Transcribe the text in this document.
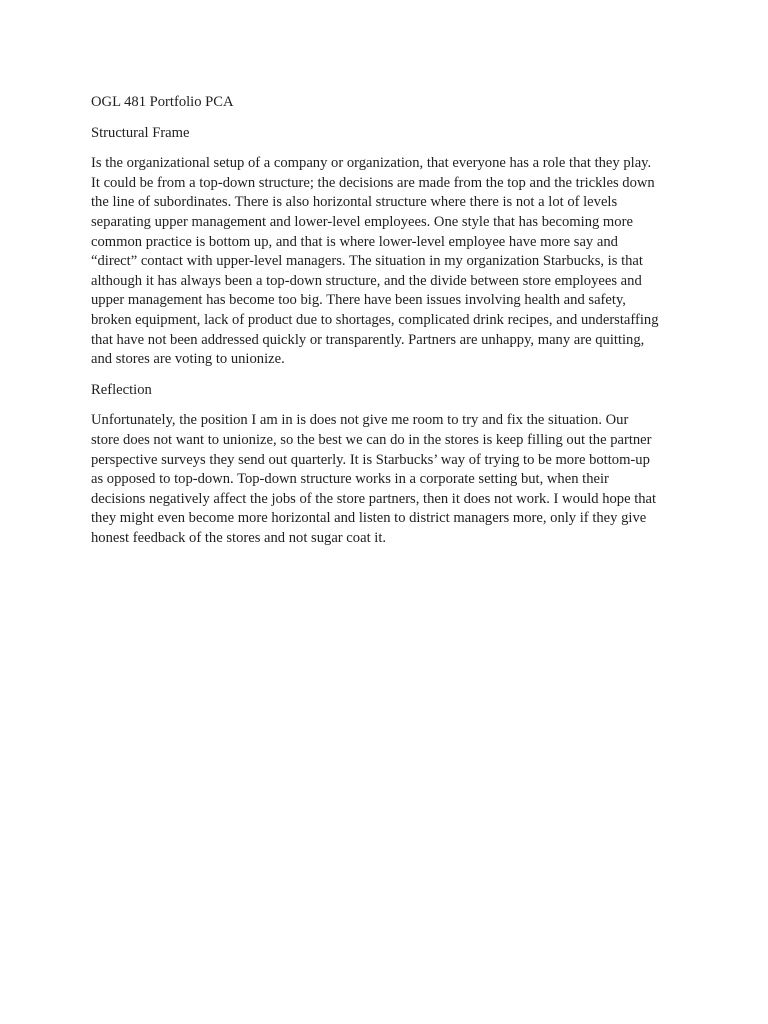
OGL 481 Portfolio PCA

Structural Frame

Is the organizational setup of a company or organization, that everyone has a role that they play.
It could be from a top-down structure; the decisions are made from the top and the trickles down
the line of subordinates. There is also horizontal structure where there is not a lot of levels
separating upper management and lower-level employees. One style that has becoming more
common practice is bottom up, and that is where lower-level employee have more say and
“direct” contact with upper-level managers. The situation in my organization Starbucks, is that
although it has always been a top-down structure, and the divide between store employees and
upper management has become too big. There have been issues involving health and safety,
broken equipment, lack of product due to shortages, complicated drink recipes, and understaffing
that have not been addressed quickly or transparently. Partners are unhappy, many are quitting,
and stores are voting to unionize.

Reflection

Unfortunately, the position I am in is does not give me room to try and fix the situation. Our
store does not want to unionize, so the best we can do in the stores is keep filling out the partner
perspective surveys they send out quarterly. It is Starbucks’ way of trying to be more bottom-up
as opposed to top-down. Top-down structure works in a corporate setting but, when their
decisions negatively affect the jobs of the store partners, then it does not work. I would hope that
they might even become more horizontal and listen to district managers more, only if they give
honest feedback of the stores and not sugar coat it.
